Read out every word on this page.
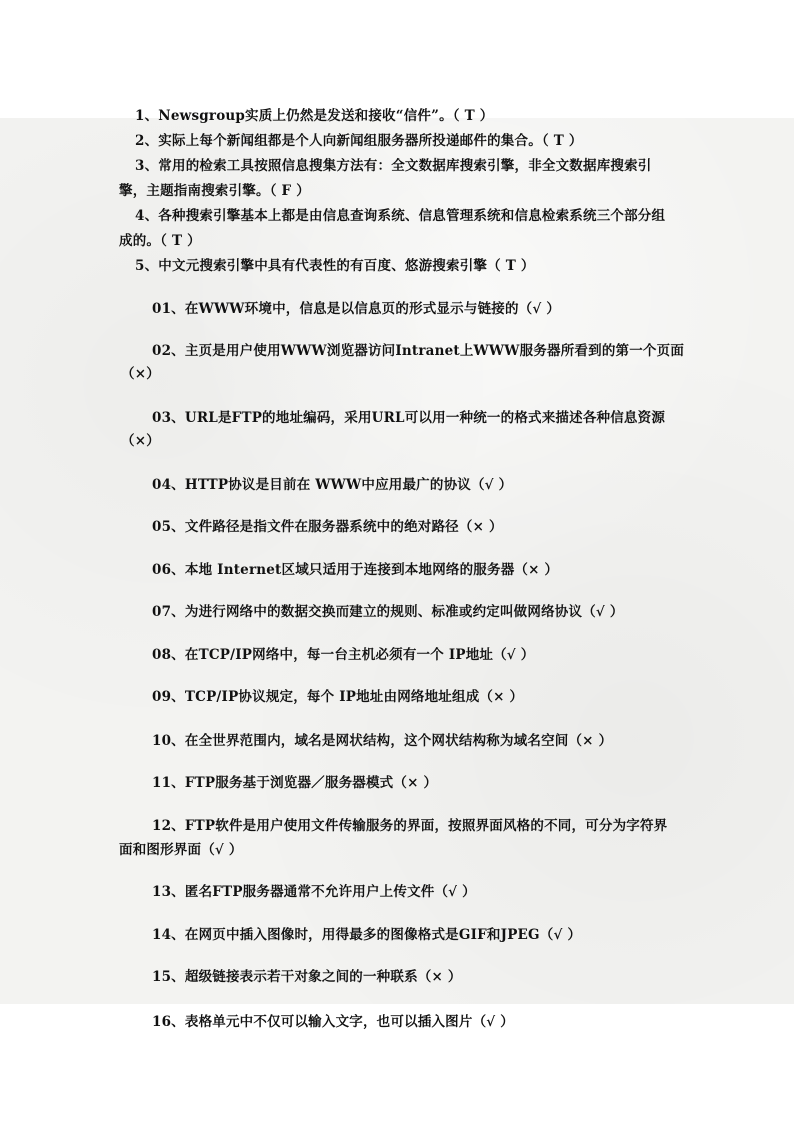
1、Newsgroup实质上仍然是发送和接收“信件”。（ T ）
2、实际上每个新闻组都是个人向新闻组服务器所投递邮件的集合。（ T ）
3、常用的检索工具按照信息搜集方法有：全文数据库搜索引擎，非全文数据库搜索引
擎，主题指南搜索引擎。（ F ）
4、各种搜索引擎基本上都是由信息查询系统、信息管理系统和信息检索系统三个部分组
成的。（ T ）
5、中文元搜索引擎中具有代表性的有百度、悠游搜索引擎（ T ）
01、在WWW环境中，信息是以信息页的形式显示与链接的（√ ）
02、主页是用户使用WWW浏览器访问Intranet上WWW服务器所看到的第一个页面
（×）
03、URL是FTP的地址编码，采用URL可以用一种统一的格式来描述各种信息资源
（×）
04、HTTP协议是目前在 WWW中应用最广的协议（√ ）
05、文件路径是指文件在服务器系统中的绝对路径（× ）
06、本地 Internet区域只适用于连接到本地网络的服务器（× ）
07、为进行网络中的数据交换而建立的规则、标准或约定叫做网络协议（√ ）
08、在TCP/IP网络中，每一台主机必须有一个 IP地址（√ ）
09、TCP/IP协议规定，每个 IP地址由网络地址组成（× ）
10、在全世界范围内，域名是网状结构，这个网状结构称为域名空间（× ）
11、FTP服务基于浏览器／服务器模式（× ）
12、FTP软件是用户使用文件传输服务的界面，按照界面风格的不同，可分为字符界
面和图形界面（√ ）
13、匿名FTP服务器通常不允许用户上传文件（√ ）
14、在网页中插入图像时，用得最多的图像格式是GIF和JPEG（√ ）
15、超级链接表示若干对象之间的一种联系（× ）
16、表格单元中不仅可以输入文字，也可以插入图片（√ ）
